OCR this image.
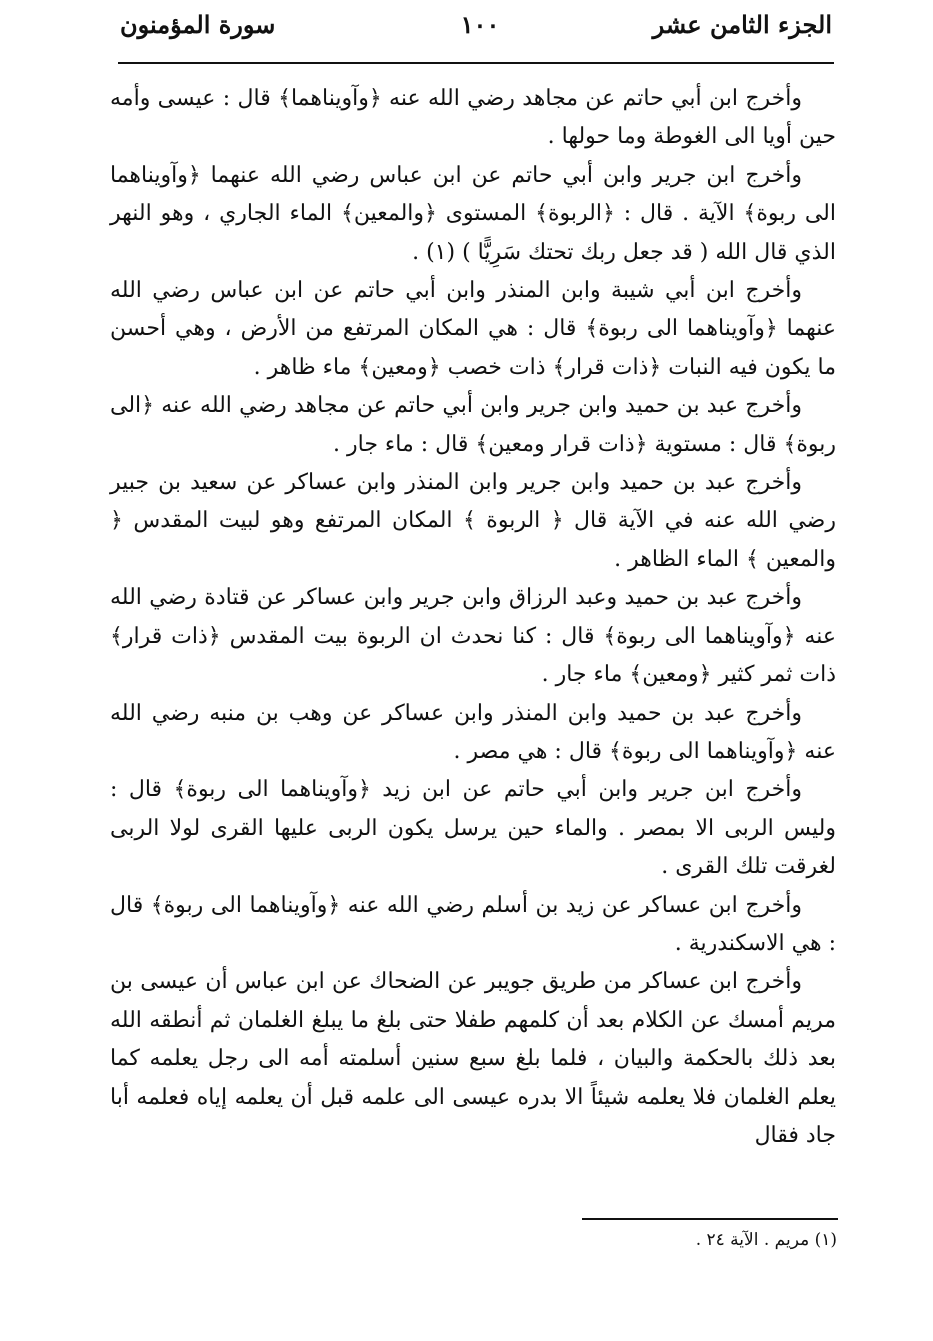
الجزء الثامن عشر
١٠٠
سورة المؤمنون

وأخرج ابن أبي حاتم عن مجاهد رضي الله عنه ﴿وآويناهما﴾ قال : عيسى وأمه حين أويا الى الغوطة وما حولها .

وأخرج ابن جرير وابن أبي حاتم عن ابن عباس رضي الله عنهما ﴿وآويناهما الى ربوة﴾ الآية . قال : ﴿الربوة﴾ المستوى ﴿والمعين﴾ الماء الجاري ، وهو النهر الذي قال الله ( قد جعل ربك تحتك سَرِيًّا ) (١) .

وأخرج ابن أبي شيبة وابن المنذر وابن أبي حاتم عن ابن عباس رضي الله عنهما ﴿وآويناهما الى ربوة﴾ قال : هي المكان المرتفع من الأرض ، وهي أحسن ما يكون فيه النبات ﴿ذات قرار﴾ ذات خصب ﴿ومعين﴾ ماء ظاهر .

وأخرج عبد بن حميد وابن جرير وابن أبي حاتم عن مجاهد رضي الله عنه ﴿الى ربوة﴾ قال : مستوية ﴿ذات قرار ومعين﴾ قال : ماء جار .

وأخرج عبد بن حميد وابن جرير وابن المنذر وابن عساكر عن سعيد بن جبير رضي الله عنه في الآية قال ﴿ الربوة ﴾ المكان المرتفع وهو لبيت المقدس ﴿ والمعين ﴾ الماء الظاهر .

وأخرج عبد بن حميد وعبد الرزاق وابن جرير وابن عساكر عن قتادة رضي الله عنه ﴿وآويناهما الى ربوة﴾ قال : كنا نحدث ان الربوة بيت المقدس ﴿ذات قرار﴾ ذات ثمر كثير ﴿ومعين﴾ ماء جار .

وأخرج عبد بن حميد وابن المنذر وابن عساكر عن وهب بن منبه رضي الله عنه ﴿وآويناهما الى ربوة﴾ قال : هي مصر .

وأخرج ابن جرير وابن أبي حاتم عن ابن زيد ﴿وآويناهما الى ربوة﴾ قال : وليس الربى الا بمصر . والماء حين يرسل يكون الربى عليها القرى لولا الربى لغرقت تلك القرى .

وأخرج ابن عساكر عن زيد بن أسلم رضي الله عنه ﴿وآويناهما الى ربوة﴾ قال : هي الاسكندرية .

وأخرج ابن عساكر من طريق جويبر عن الضحاك عن ابن عباس أن عيسى بن مريم أمسك عن الكلام بعد أن كلمهم طفلا حتى بلغ ما يبلغ الغلمان ثم أنطقه الله بعد ذلك بالحكمة والبيان ، فلما بلغ سبع سنين أسلمته أمه الى رجل يعلمه كما يعلم الغلمان فلا يعلمه شيئاً الا بدره عيسى الى علمه قبل أن يعلمه إياه فعلمه أبا جاد فقال

(١) مريم . الآية ٢٤ .
